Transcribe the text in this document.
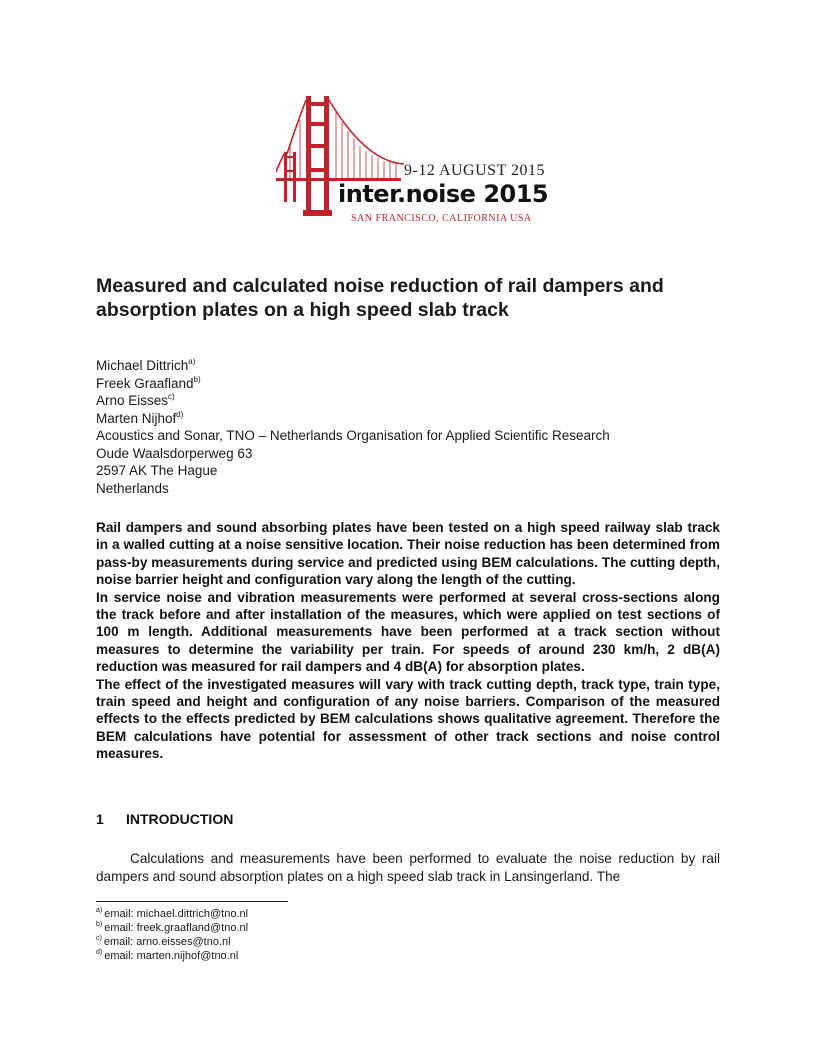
9-12 AUGUST 2015
inter.noise 2015
SAN FRANCISCO, CALIFORNIA USA
Measured and calculated noise reduction of rail dampers and absorption plates on a high speed slab track
Michael Dittrich$^{a)}$
Freek Graafland$^{b)}$
Arno Eisses$^{c)}$
Marten Nijhof$^{d)}$
Acoustics and Sonar, TNO – Netherlands Organisation for Applied Scientific Research
Oude Waalsdorperweg 63
2597 AK The Hague
Netherlands

Rail dampers and sound absorbing plates have been tested on a high speed railway slab track in a walled cutting at a noise sensitive location. Their noise reduction has been determined from pass-by measurements during service and predicted using BEM calculations. The cutting depth, noise barrier height and configuration vary along the length of the cutting.

In service noise and vibration measurements were performed at several cross-sections along the track before and after installation of the measures, which were applied on test sections of 100 m length. Additional measurements have been performed at a track section without measures to determine the variability per train. For speeds of around 230 km/h, 2 dB(A) reduction was measured for rail dampers and 4 dB(A) for absorption plates.

The effect of the investigated measures will vary with track cutting depth, track type, train type, train speed and height and configuration of any noise barriers. Comparison of the measured effects to the effects predicted by BEM calculations shows qualitative agreement. Therefore the BEM calculations have potential for assessment of other track sections and noise control measures.

1 INTRODUCTION

Calculations and measurements have been performed to evaluate the noise reduction by rail dampers and sound absorption plates on a high speed slab track in Lansingerland. The

$^{a)}$ email: michael.dittrich@tno.nl
$^{b)}$ email: freek.graafland@tno.nl
$^{c)}$ email: arno.eisses@tno.nl
$^{d)}$ email: marten.nijhof@tno.nl
